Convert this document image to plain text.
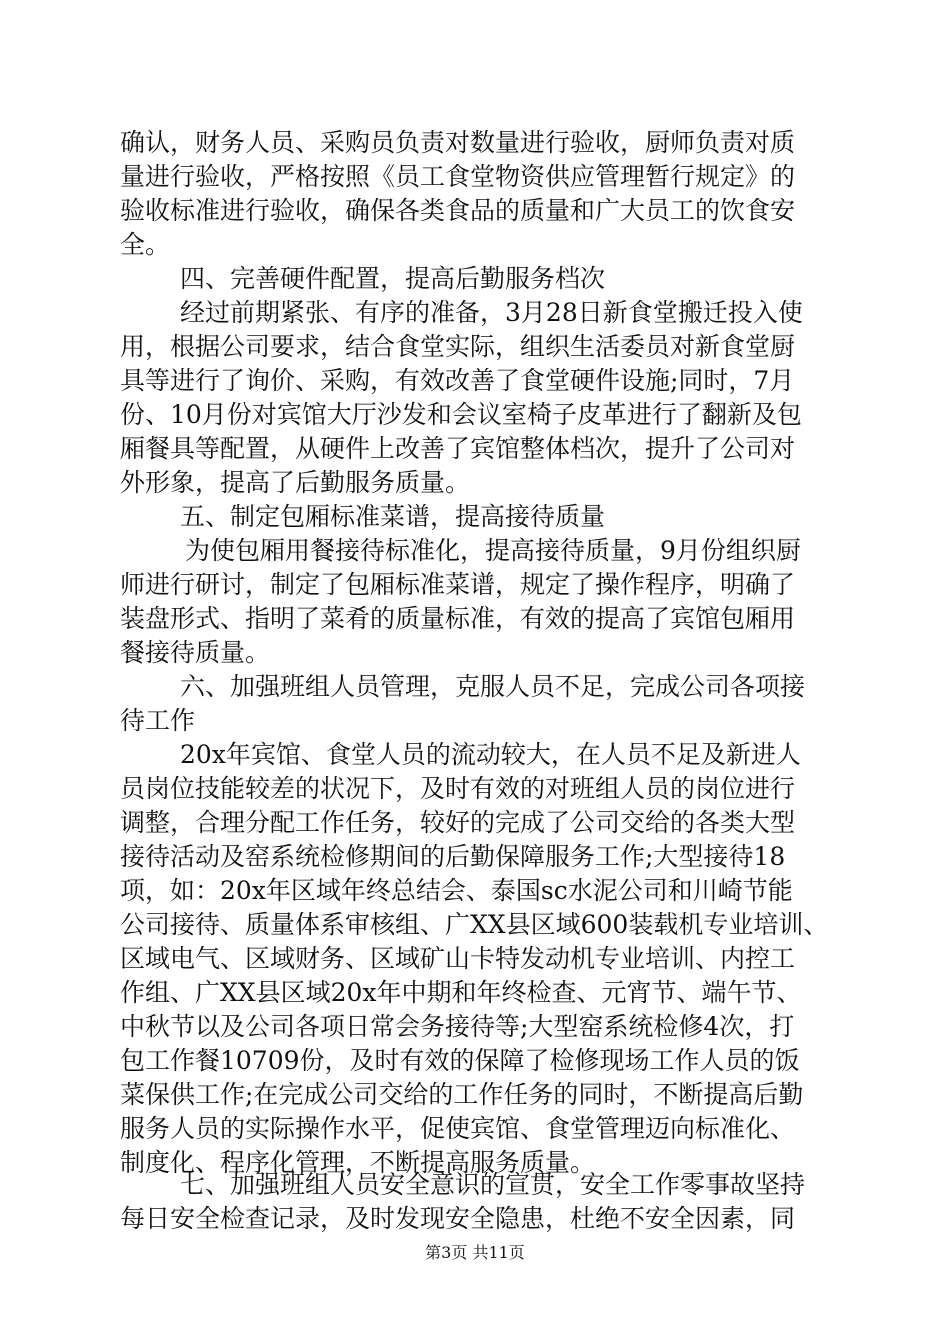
确认，财务人员、采购员负责对数量进行验收，厨师负责对质
量进行验收，严格按照《员工食堂物资供应管理暂行规定》的
验收标准进行验收，确保各类食品的质量和广大员工的饮食安
全。
四、完善硬件配置，提高后勤服务档次
经过前期紧张、有序的准备，3月28日新食堂搬迁投入使
用，根据公司要求，结合食堂实际，组织生活委员对新食堂厨
具等进行了询价、采购，有效改善了食堂硬件设施;同时，7月
份、10月份对宾馆大厅沙发和会议室椅子皮革进行了翻新及包
厢餐具等配置，从硬件上改善了宾馆整体档次，提升了公司对
外形象，提高了后勤服务质量。
五、制定包厢标准菜谱，提高接待质量
为使包厢用餐接待标准化，提高接待质量，9月份组织厨
师进行研讨，制定了包厢标准菜谱，规定了操作程序，明确了
装盘形式、指明了菜肴的质量标准，有效的提高了宾馆包厢用
餐接待质量。
六、加强班组人员管理，克服人员不足，完成公司各项接
待工作
20x年宾馆、食堂人员的流动较大，在人员不足及新进人
员岗位技能较差的状况下，及时有效的对班组人员的岗位进行
调整，合理分配工作任务，较好的完成了公司交给的各类大型
接待活动及窑系统检修期间的后勤保障服务工作;大型接待18
项，如：20x年区域年终总结会、泰国sc水泥公司和川崎节能
公司接待、质量体系审核组、广XX县区域600装载机专业培训、
区域电气、区域财务、区域矿山卡特发动机专业培训、内控工
作组、广XX县区域20x年中期和年终检查、元宵节、端午节、
中秋节以及公司各项日常会务接待等;大型窑系统检修4次，打
包工作餐10709份，及时有效的保障了检修现场工作人员的饭
菜保供工作;在完成公司交给的工作任务的同时，不断提高后勤
服务人员的实际操作水平，促使宾馆、食堂管理迈向标准化、
制度化、程序化管理，不断提高服务质量。
七、加强班组人员安全意识的宣贯，安全工作零事故坚持
每日安全检查记录，及时发现安全隐患，杜绝不安全因素，同
第3页 共11页
